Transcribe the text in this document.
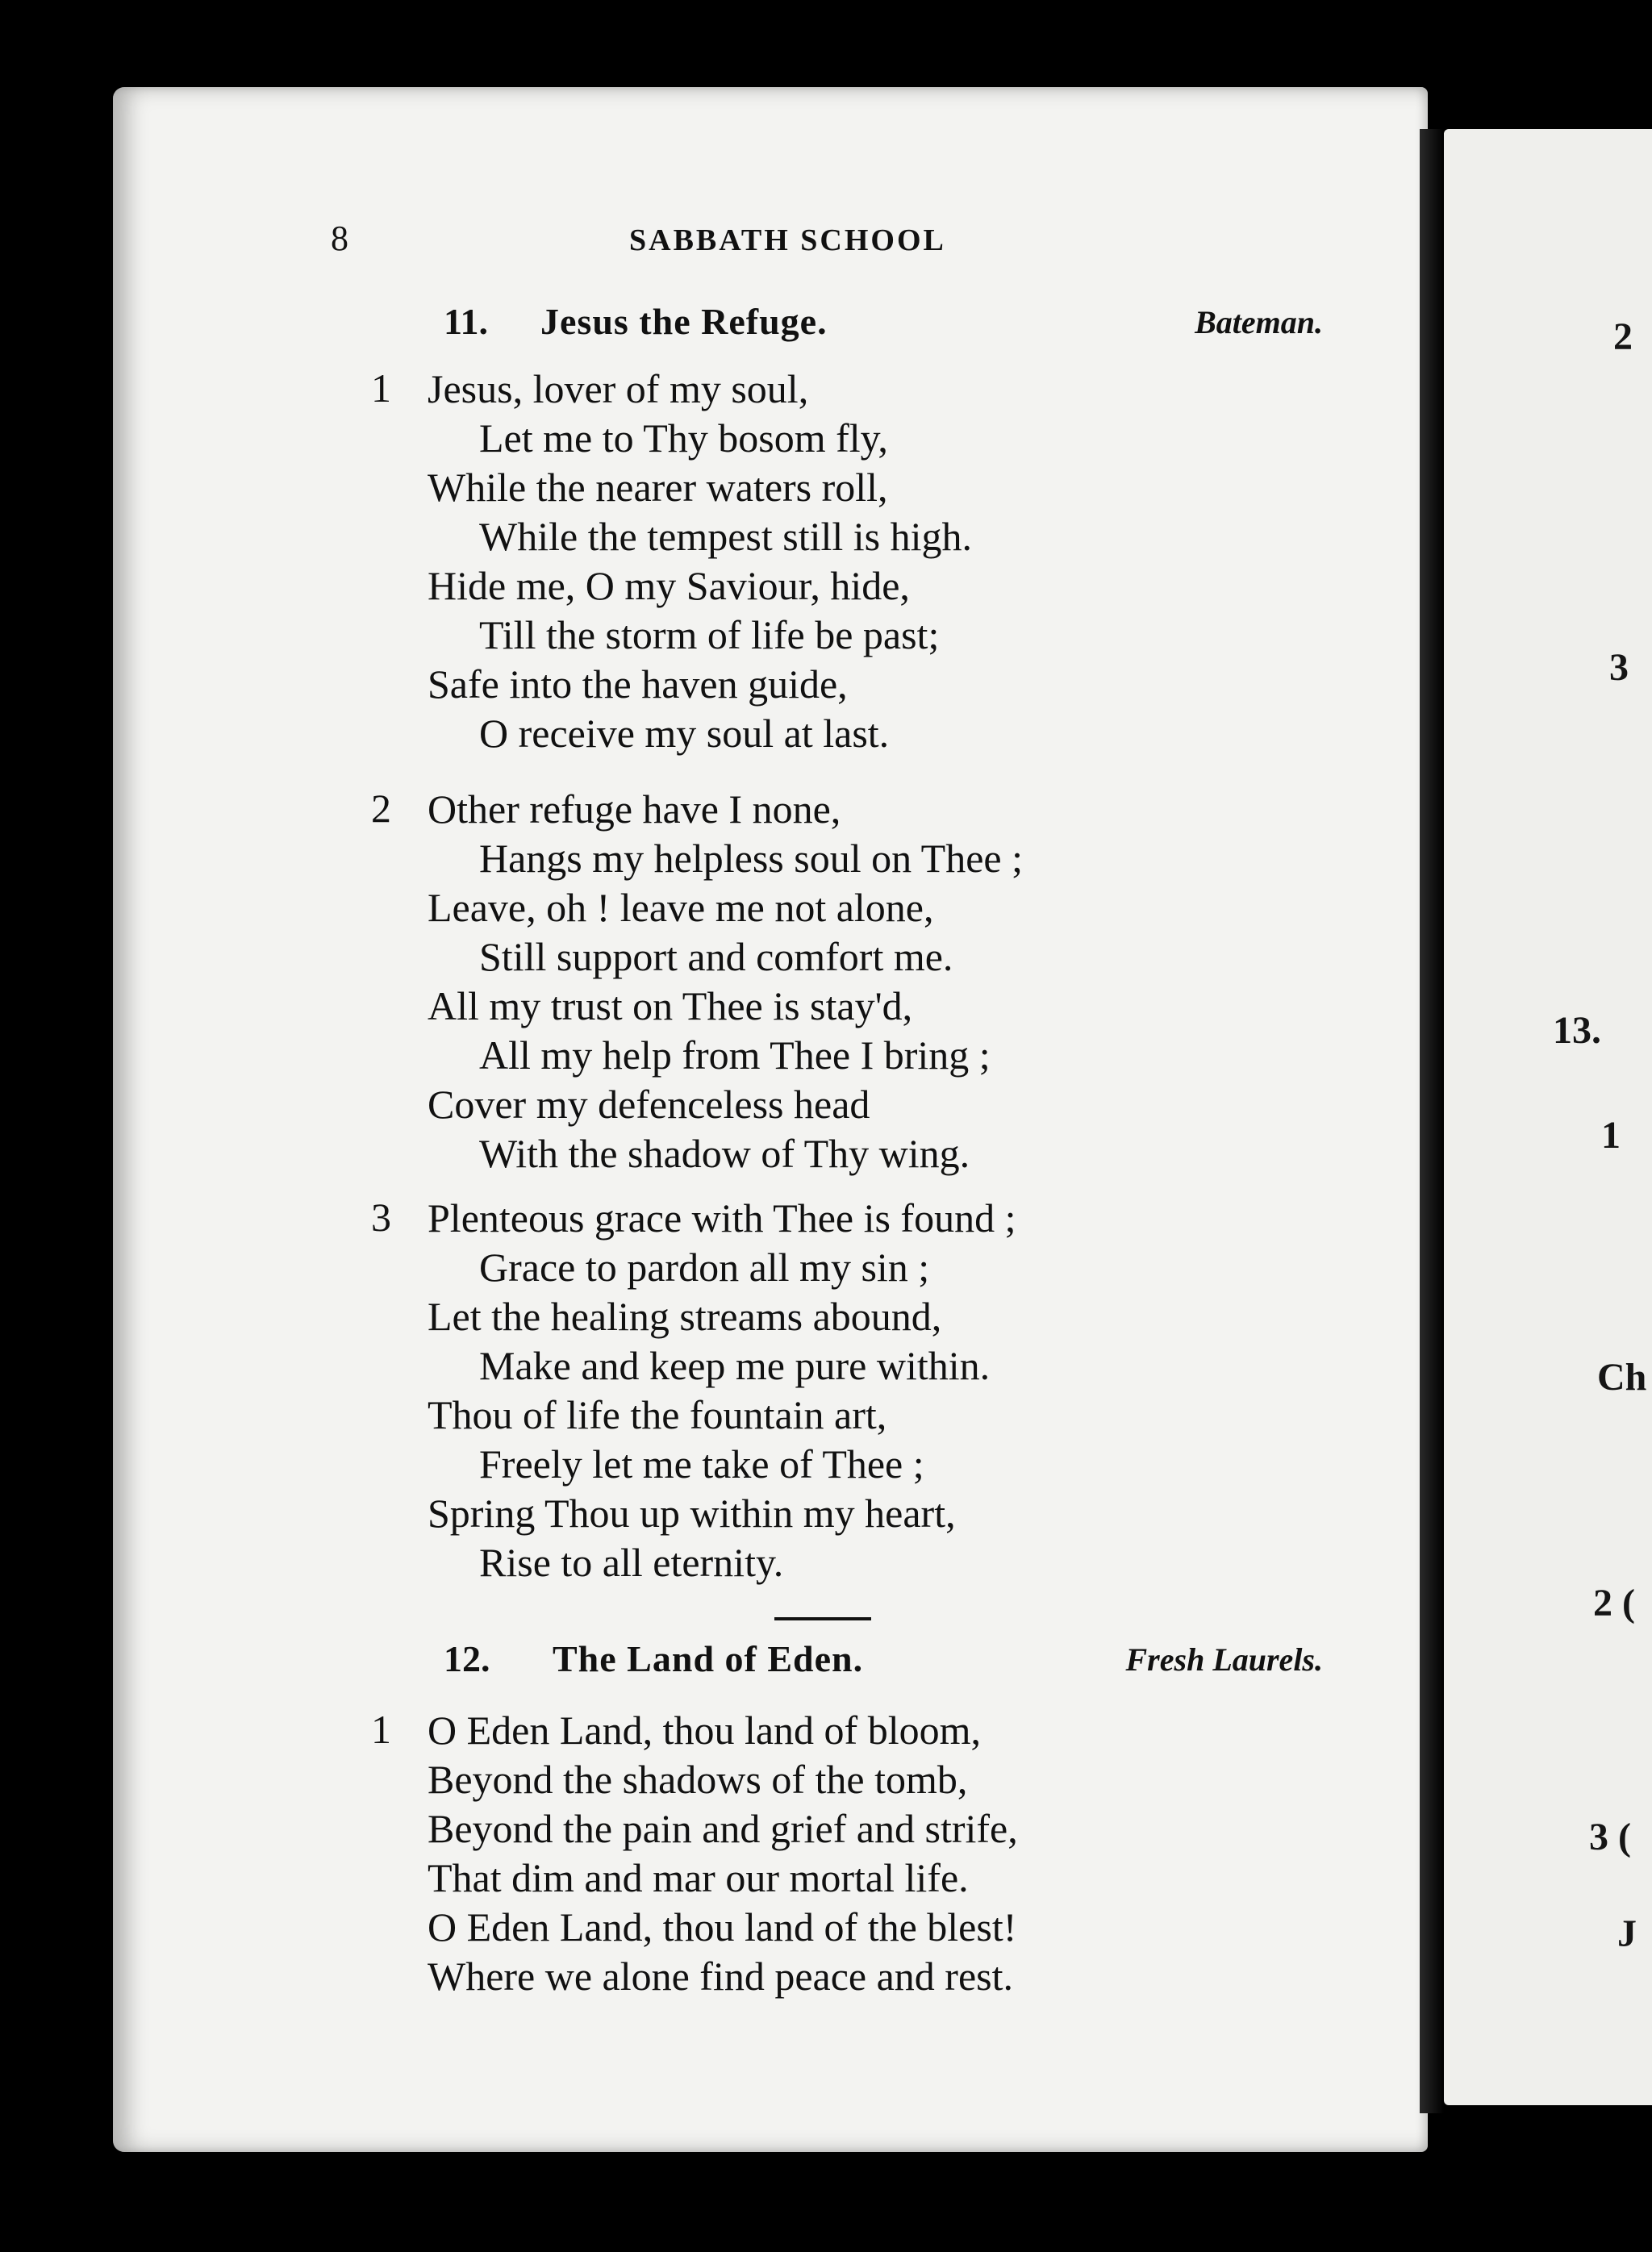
2
3
13.
1
Ch
2 (
3 (
J
8	SABBATH SCHOOL
11. Jesus the Refuge.	Bateman.
1 Jesus, lover of my soul,
Let me to Thy bosom fly,
While the nearer waters roll,
While the tempest still is high.
Hide me, O my Saviour, hide,
Till the storm of life be past;
Safe into the haven guide,
O receive my soul at last.
2 Other refuge have I none,
Hangs my helpless soul on Thee ;
Leave, oh ! leave me not alone,
Still support and comfort me.
All my trust on Thee is stay'd,
All my help from Thee I bring ;
Cover my defenceless head
With the shadow of Thy wing.
3 Plenteous grace with Thee is found ;
Grace to pardon all my sin ;
Let the healing streams abound,
Make and keep me pure within.
Thou of life the fountain art,
Freely let me take of Thee ;
Spring Thou up within my heart,
Rise to all eternity.
12. The Land of Eden.	Fresh Laurels.
1 O Eden Land, thou land of bloom,
Beyond the shadows of the tomb,
Beyond the pain and grief and strife,
That dim and mar our mortal life.
O Eden Land, thou land of the blest!
Where we alone find peace and rest.
